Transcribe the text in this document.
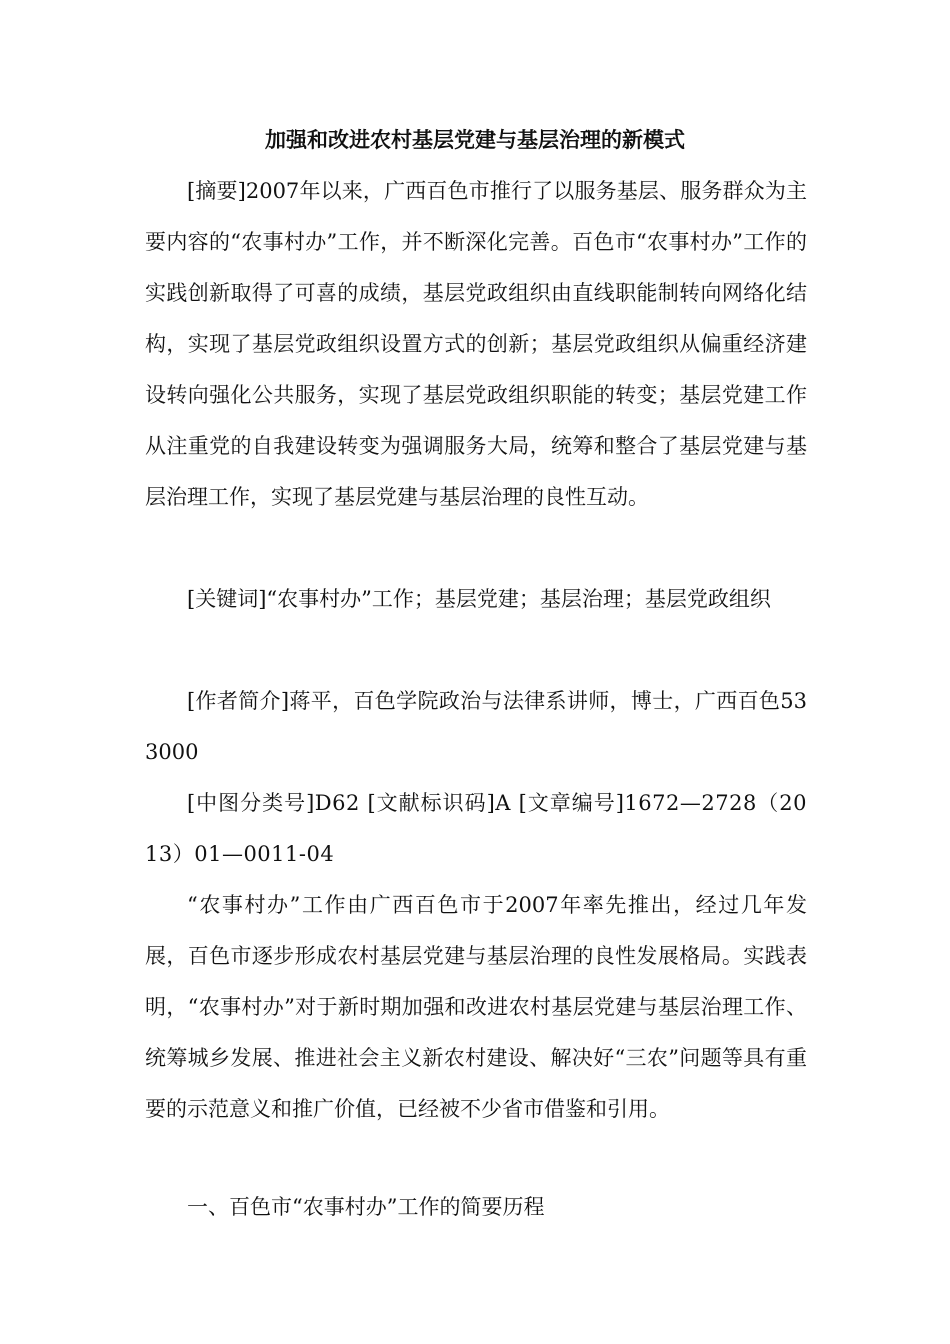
加强和改进农村基层党建与基层治理的新模式

[摘要]2007年以来，广西百色市推行了以服务基层、服务群众为主要内容的“农事村办”工作，并不断深化完善。百色市“农事村办”工作的实践创新取得了可喜的成绩，基层党政组织由直线职能制转向网络化结构，实现了基层党政组织设置方式的创新；基层党政组织从偏重经济建设转向强化公共服务，实现了基层党政组织职能的转变；基层党建工作从注重党的自我建设转变为强调服务大局，统筹和整合了基层党建与基层治理工作，实现了基层党建与基层治理的良性互动。

[关键词]“农事村办”工作；基层党建；基层治理；基层党政组织

[作者简介]蒋平，百色学院政治与法律系讲师，博士，广西百色533000

[中图分类号]D62 [文献标识码]A [文章编号]1672—2728（2013）01—0011-04

“农事村办”工作由广西百色市于2007年率先推出，经过几年发展，百色市逐步形成农村基层党建与基层治理的良性发展格局。实践表明，“农事村办”对于新时期加强和改进农村基层党建与基层治理工作、统筹城乡发展、推进社会主义新农村建设、解决好“三农”问题等具有重要的示范意义和推广价值，已经被不少省市借鉴和引用。

一、百色市“农事村办”工作的简要历程
